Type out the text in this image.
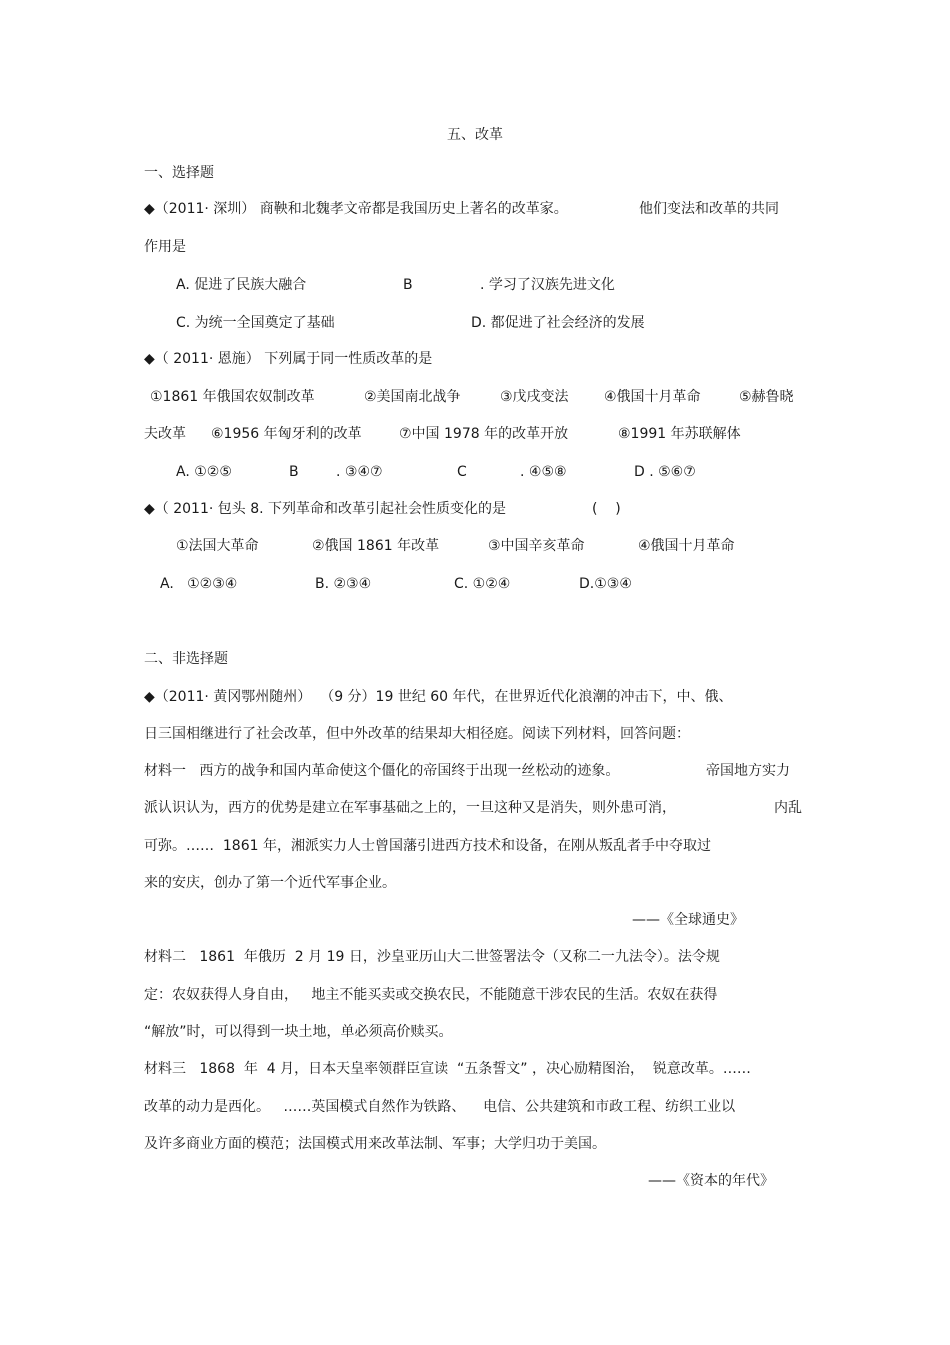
五、改革
一、选择题
◆（2011· 深圳） 商鞅和北魏孝文帝都是我国历史上著名的改革家。	他们变法和改革的共同
作用是
A. 促进了民族大融合	B	. 学习了汉族先进文化
C. 为统一全国奠定了基础	D. 都促进了社会经济的发展
◆（ 2011· 恩施） 下列属于同一性质改革的是
①1861 年俄国农奴制改革	②美国南北战争	③戊戌变法	④俄国十月革命	⑤赫鲁晓
夫改革 ⑥1956 年匈牙利的改革	⑦中国 1978 年的改革开放	⑧1991 年苏联解体
A. ①②⑤	B	. ③④⑦	C	. ④⑤⑧	D . ⑤⑥⑦
◆（ 2011· 包头 8. 下列革命和改革引起社会性质变化的是	(    )
①法国大革命	②俄国 1861 年改革	③中国辛亥革命	④俄国十月革命
A.   ①②③④	B. ②③④	C. ①②④	D.①③④
二、非选择题
◆（2011· 黄冈鄂州随州）  （9 分）19 世纪 60 年代，在世界近代化浪潮的冲击下，中、俄、
日三国相继进行了社会改革，但中外改革的结果却大相径庭。阅读下列材料，回答问题：
材料一   西方的战争和国内革命使这个僵化的帝国终于出现一丝松动的迹象。	帝国地方实力
派认识认为，西方的优势是建立在军事基础之上的，一旦这种又是消失，则外患可消，	内乱
可弥。……  1861 年，湘派实力人士曾国藩引进西方技术和设备，在刚从叛乱者手中夺取过
来的安庆，创办了第一个近代军事企业。
——《全球通史》
材料二   1861  年俄历  2 月 19 日，沙皇亚历山大二世签署法令（又称二一九法令）。法令规
定：农奴获得人身自由，   地主不能买卖或交换农民，不能随意干涉农民的生活。农奴在获得
“解放”时，可以得到一块土地，单必须高价赎买。
材料三   1868  年  4 月，日本天皇率领群臣宣读  “五条誓文” ，决心励精图治，  锐意改革。……
改革的动力是西化。   ……英国模式自然作为铁路、    电信、公共建筑和市政工程、纺织工业以
及许多商业方面的模范；法国模式用来改革法制、军事；大学归功于美国。
——《资本的年代》
